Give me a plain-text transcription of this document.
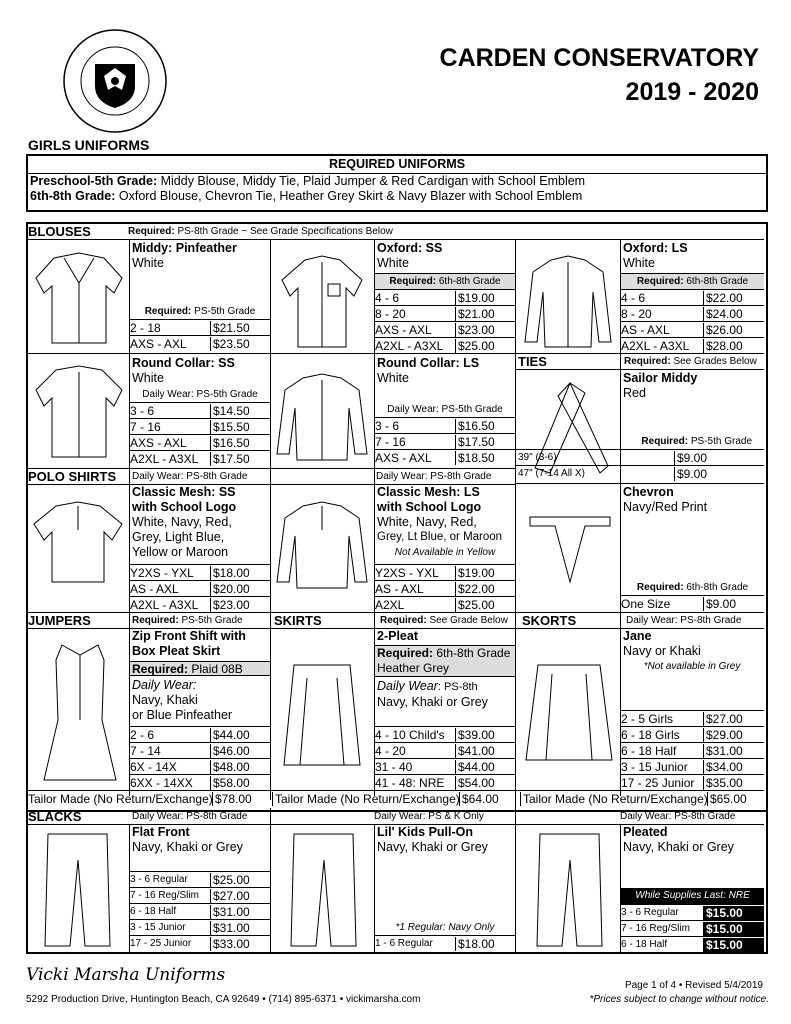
CARDEN CONSERVATORY
2019 - 2020
GIRLS UNIFORMS
REQUIRED UNIFORMS
Preschool-5th Grade: Middy Blouse, Middy Tie, Plaid Jumper & Red Cardigan with School Emblem
6th-8th Grade: Oxford Blouse, Chevron Tie, Heather Grey Skirt & Navy Blazer with School Emblem
BLOUSES	Required: PS-8th Grade ~ See Grade Specifications Below
Middy: Pinfeather
White
Required: PS-5th Grade
2 - 18	$21.50
AXS - AXL	$23.50
Oxford: SS
White
Required: 6th-8th Grade
4 - 6	$19.00
8 - 20	$21.00
AXS - AXL	$23.00
A2XL - A3XL	$25.00
Oxford: LS
White
Required: 6th-8th Grade
4 - 6	$22.00
8 - 20	$24.00
AS - AXL	$26.00
A2XL - A3XL	$28.00
Round Collar: SS
White
Daily Wear: PS-5th Grade
3 - 6	$14.50
7 - 16	$15.50
AXS - AXL	$16.50
A2XL - A3XL	$17.50
Round Collar: LS
White
Daily Wear: PS-5th Grade
3 - 6	$16.50
7 - 16	$17.50
AXS - AXL	$18.50
TIES	Required: See Grades Below
Sailor Middy
Red
Required: PS-5th Grade
39" (3-6)	$9.00
47" (7-14 All X)	$9.00
POLO SHIRTS	Daily Wear: PS-8th Grade	Daily Wear: PS-8th Grade
Classic Mesh: SS
with School Logo
White, Navy, Red,
Grey, Light Blue,
Yellow or Maroon
Y2XS - YXL	$18.00
AS - AXL	$20.00
A2XL - A3XL	$23.00
Classic Mesh: LS
with School Logo
White, Navy, Red,
Grey, Lt Blue, or Maroon
Not Available in Yellow
Y2XS - YXL	$19.00
AS - AXL	$22.00
A2XL	$25.00
Chevron
Navy/Red Print
Required: 6th-8th Grade
One Size	$9.00
JUMPERS	Required: PS-5th Grade	SKIRTS	Required: See Grade Below	SKORTS	Daily Wear: PS-8th Grade
Zip Front Shift with
Box Pleat Skirt
Required: Plaid 08B
Daily Wear:
Navy, Khaki
or Blue Pinfeather
2 - 6	$44.00
7 - 14	$46.00
6X - 14X	$48.00
6XX - 14XX	$58.00
2-Pleat
Required: 6th-8th Grade
Heather Grey
Daily Wear: PS-8th
Navy, Khaki or Grey
4 - 10 Child's	$39.00
4 - 20	$41.00
31 - 40	$44.00
41 - 48: NRE	$54.00
Jane
Navy or Khaki
*Not available in Grey
2 - 5 Girls	$27.00
6 - 18 Girls	$29.00
6 - 18 Half	$31.00
3 - 15 Junior	$34.00
17 - 25 Junior $35.00
Tailor Made (No Return/Exchange) $78.00	Tailor Made (No Return/Exchange) $64.00	Tailor Made (No Return/Exchange) $65.00
SLACKS	Daily Wear: PS-8th Grade	Daily Wear: PS & K Only	Daily Wear: PS-8th Grade
Flat Front
Navy, Khaki or Grey
3 - 6 Regular	$25.00
7 - 16 Reg/Slim	$27.00
6 - 18 Half	$31.00
3 - 15 Junior	$31.00
17 - 25 Junior	$33.00
Lil' Kids Pull-On
Navy, Khaki or Grey
*1 Regular: Navy Only
1 - 6 Regular	$18.00
Pleated
Navy, Khaki or Grey
While Supplies Last: NRE
3 - 6 Regular	$15.00
7 - 16 Reg/Slim	$15.00
6 - 18 Half	$15.00
Vicki Marsha Uniforms
5292 Production Drive, Huntington Beach, CA 92649 • (714) 895-6371 • vickimarsha.com
Page 1 of 4 • Revised 5/4/2019
*Prices subject to change without notice.
